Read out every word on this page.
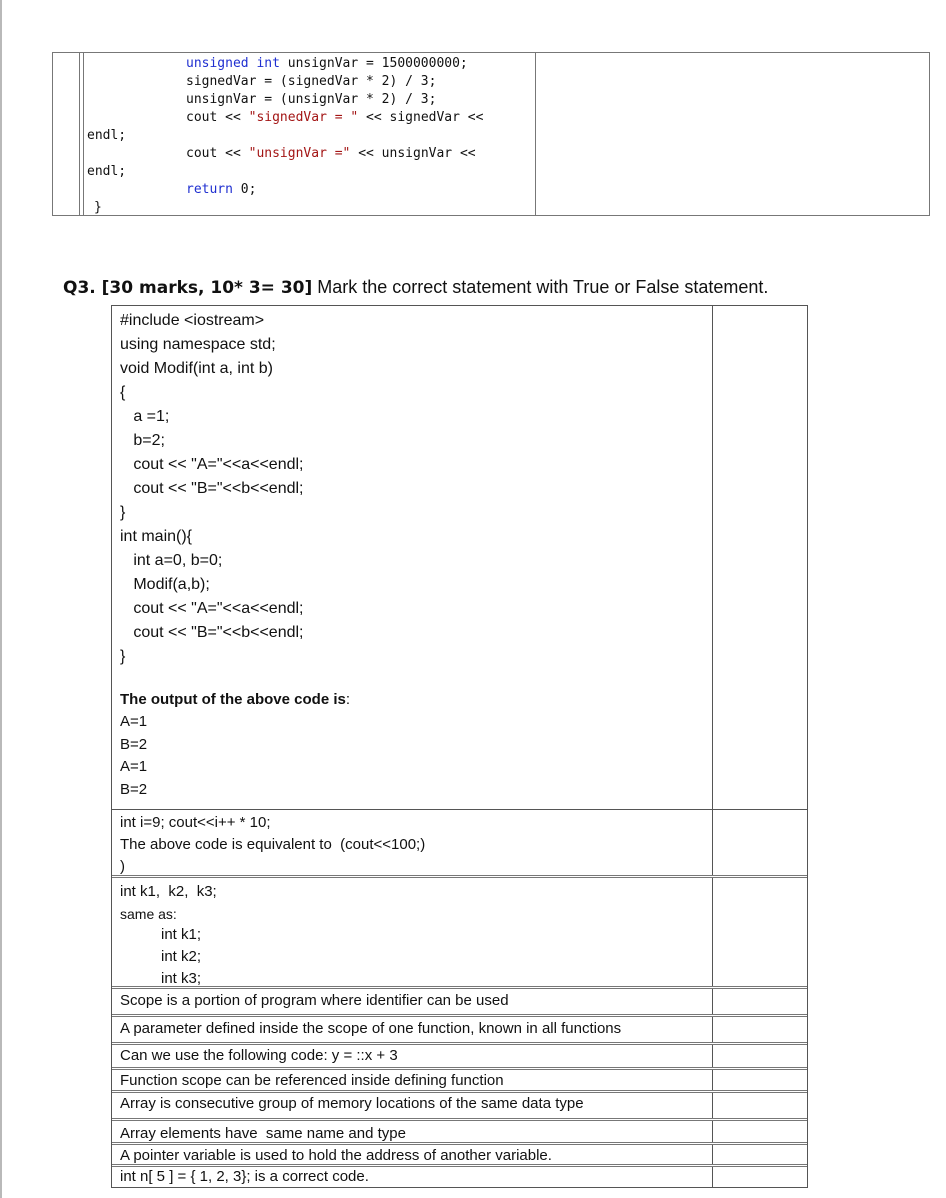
unsigned int unsignVar = 1500000000;
signedVar = (signedVar * 2) / 3;
unsignVar = (unsignVar * 2) / 3;
cout << "signedVar = " << signedVar <<
endl;
cout << "unsignVar =" << unsignVar <<
endl;
return 0;
}
Q3. [30 marks, 10* 3= 30] Mark the correct statement with True or False statement.
#include <iostream>
using namespace std;
void Modif(int a, int b)
{
a =1;
b=2;
cout << "A="<<a<<endl;
cout << "B="<<b<<endl;
}
int main(){
int a=0, b=0;
Modif(a,b);
cout << "A="<<a<<endl;
cout << "B="<<b<<endl;
}
The output of the above code is:
A=1
B=2
A=1
B=2
int i=9; cout<<i++ * 10;
The above code is equivalent to  (cout<<100;)
)
int k1,  k2,  k3;
same as:
int k1;
int k2;
int k3;
Scope is a portion of program where identifier can be used
A parameter defined inside the scope of one function, known in all functions
Can we use the following code: y = ::x + 3
Function scope can be referenced inside defining function
Array is consecutive group of memory locations of the same data type
Array elements have  same name and type
A pointer variable is used to hold the address of another variable.
int n[ 5 ] = { 1, 2, 3}; is a correct code.
